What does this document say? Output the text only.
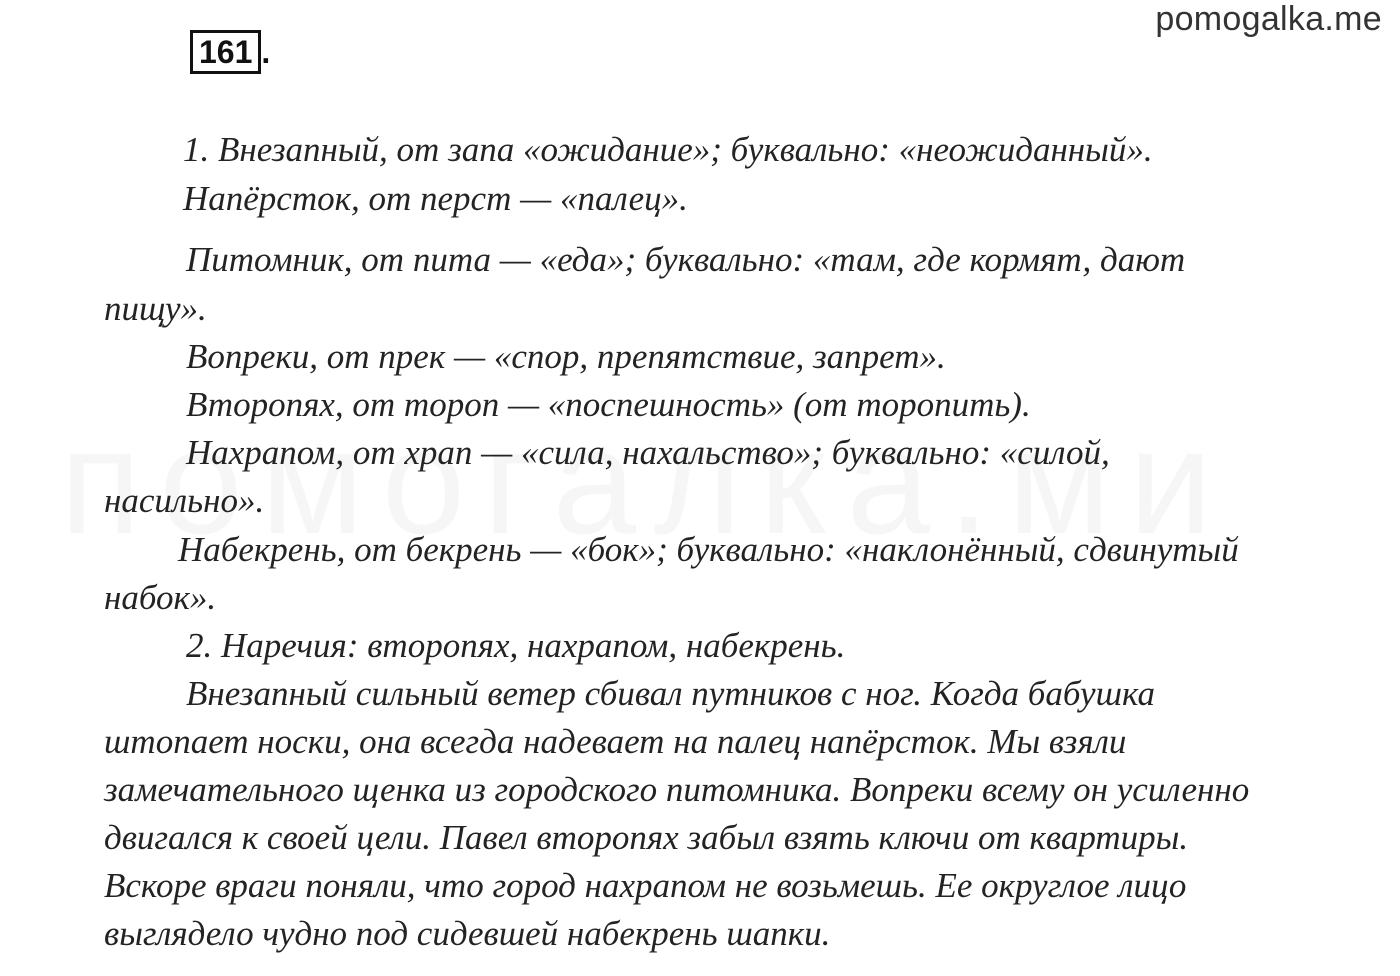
pomogalka.me
161 .
1. Внезапный, от запа «ожидание»; буквально: «неожиданный».
Напёрсток, от перст — «палец».
Питомник, от пита — «еда»; буквально: «там, где кормят, дают
пищу».
Вопреки, от прек — «спор, препятствие, запрет».
Второпях, от тороп — «поспешность» (от торопить).
Нахрапом, от храп — «сила, нахальство»; буквально: «силой,
насильно».
Набекрень, от бекрень — «бок»; буквально: «наклонённый, сдвинутый
набок».
2. Наречия: второпях, нахрапом, набекрень.
Внезапный сильный ветер сбивал путников с ног. Когда бабушка
штопает носки, она всегда надевает на палец напёрсток. Мы взяли
замечательного щенка из городского питомника. Вопреки всему он усиленно
двигался к своей цели. Павел второпях забыл взять ключи от квартиры.
Вскоре враги поняли, что город нахрапом не возьмешь. Ее округлое лицо
выглядело чудно под сидевшей набекрень шапки.
